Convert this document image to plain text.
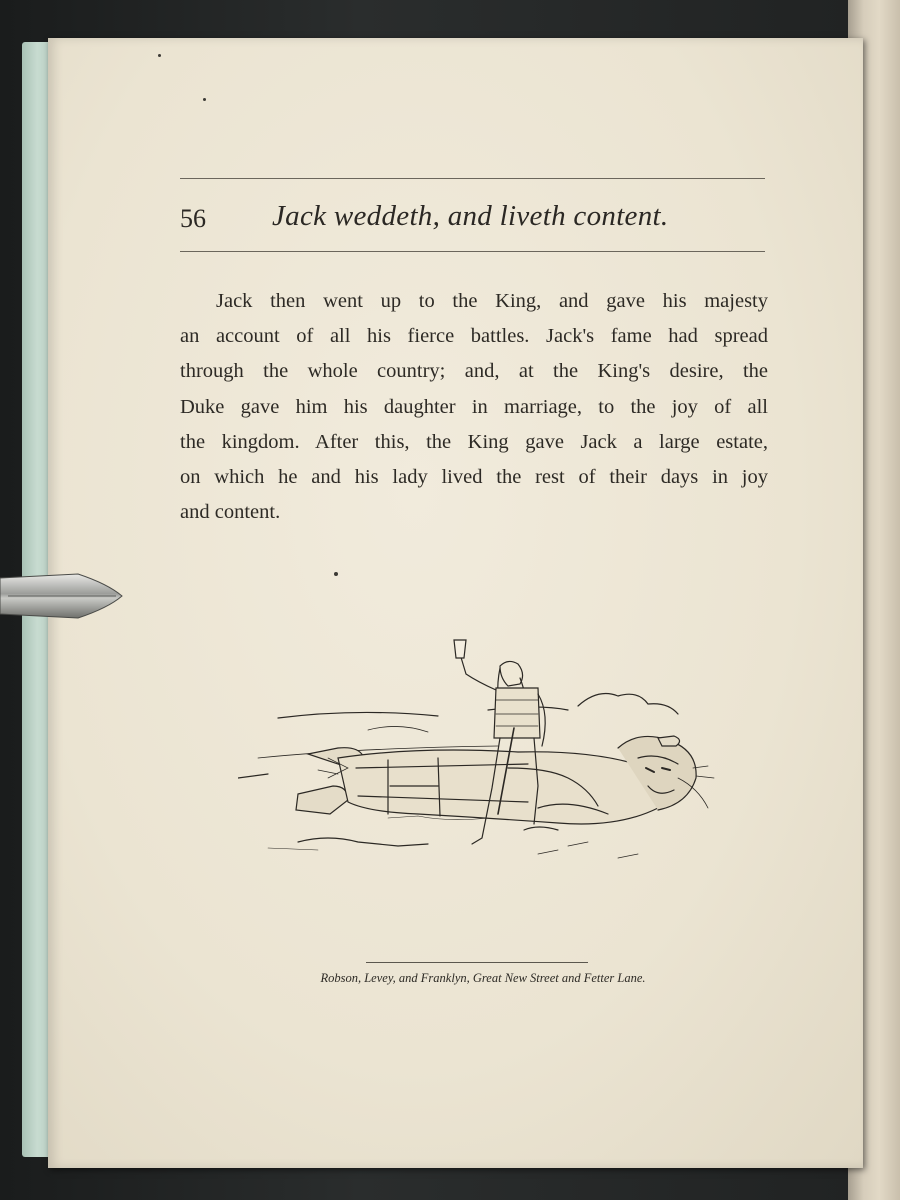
56 Jack weddeth, and liveth content.
Jack then went up to the King, and gave his majesty
an account of all his fierce battles. Jack's fame had spread
through the whole country; and, at the King's desire, the
Duke gave him his daughter in marriage, to the joy of all
the kingdom. After this, the King gave Jack a large estate,
on which he and his lady lived the rest of their days in joy
and content.
Robson, Levey, and Franklyn, Great New Street and Fetter Lane.
